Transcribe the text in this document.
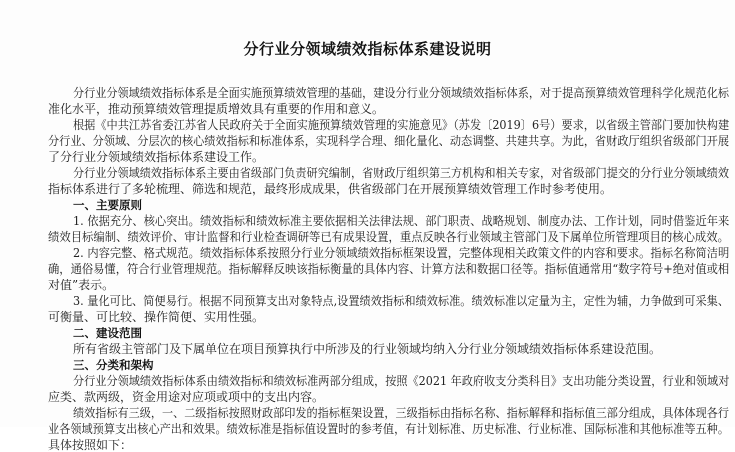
分行业分领域绩效指标体系建设说明
分行业分领域绩效指标体系是全面实施预算绩效管理的基础，建设分行业分领域绩效指标体系，对于提高预算绩效管理科学化规范化标
准化水平，推动预算绩效管理提质增效具有重要的作用和意义。
根据《中共江苏省委江苏省人民政府关于全面实施预算绩效管理的实施意见》（苏发〔2019〕6号）要求，以省级主管部门要加快构建
分行业、分领域、分层次的核心绩效指标和标准体系，实现科学合理、细化量化、动态调整、共建共享。为此，省财政厅组织省级部门开展
了分行业分领域绩效指标体系建设工作。
分行业分领域绩效指标体系主要由省级部门负责研究编制，省财政厅组织第三方机构和相关专家，对省级部门提交的分行业分领域绩效
指标体系进行了多轮梳理、筛选和规范，最终形成成果，供省级部门在开展预算绩效管理工作时参考使用。
一、主要原则
1. 依据充分、核心突出。绩效指标和绩效标准主要依据相关法律法规、部门职责、战略规划、制度办法、工作计划，同时借鉴近年来
绩效目标编制、绩效评价、审计监督和行业检查调研等已有成果设置，重点反映各行业领域主管部门及下属单位所管理项目的核心成效。
2. 内容完整、格式规范。绩效指标体系按照分行业分领域绩效指标框架设置，完整体现相关政策文件的内容和要求。指标名称简洁明
确，通俗易懂，符合行业管理规范。指标解释反映该指标衡量的具体内容、计算方法和数据口径等。指标值通常用“数字符号+绝对值或相
对值”表示。
3. 量化可比、简便易行。根据不同预算支出对象特点,设置绩效指标和绩效标准。绩效标准以定量为主，定性为辅，力争做到可采集、
可衡量、可比较、操作简便、实用性强。
二、建设范围
所有省级主管部门及下属单位在项目预算执行中所涉及的行业领域均纳入分行业分领域绩效指标体系建设范围。
三、分类和架构
分行业分领域绩效指标体系由绩效指标和绩效标准两部分组成，按照《2021 年政府收支分类科目》支出功能分类设置，行业和领域对
应类、款两级，资金用途对应项或项中的支出内容。
绩效指标有三级，一、二级指标按照财政部印发的指标框架设置，三级指标由指标名称、指标解释和指标值三部分组成，具体体现各行
业各领域预算支出核心产出和效果。绩效标准是指标值设置时的参考值，有计划标准、历史标准、行业标准、国际标准和其他标准等五种。
具体按照如下：
